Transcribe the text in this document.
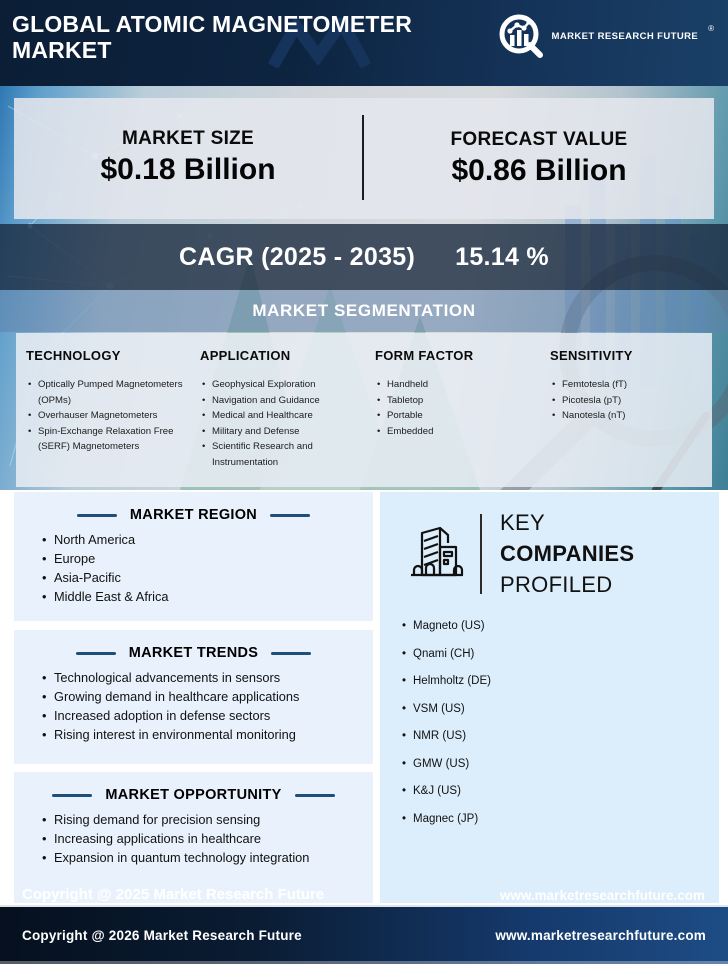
GLOBAL ATOMIC MAGNETOMETER
MARKET
MARKET RESEARCH FUTURE
®
MARKET SIZE
$0.18 Billion
FORECAST VALUE
$0.86 Billion
CAGR (2025 - 2035) 15.14 %
MARKET SEGMENTATION
TECHNOLOGY
• Optically Pumped Magnetometers (OPMs)
• Overhauser Magnetometers
• Spin-Exchange Relaxation Free (SERF) Magnetometers
APPLICATION
• Geophysical Exploration
• Navigation and Guidance
• Medical and Healthcare
• Military and Defense
• Scientific Research and Instrumentation
FORM FACTOR
• Handheld
• Tabletop
• Portable
• Embedded
SENSITIVITY
• Femtotesla (fT)
• Picotesla (pT)
• Nanotesla (nT)
MARKET REGION
• North America
• Europe
• Asia-Pacific
• Middle East & Africa
MARKET TRENDS
• Technological advancements in sensors
• Growing demand in healthcare applications
• Increased adoption in defense sectors
• Rising interest in environmental monitoring
MARKET OPPORTUNITY
• Rising demand for precision sensing
• Increasing applications in healthcare
• Expansion in quantum technology integration
KEY
COMPANIES
PROFILED
• Magneto (US)
• Qnami (CH)
• Helmholtz (DE)
• VSM (US)
• NMR (US)
• GMW (US)
• K&J (US)
• Magnec (JP)
Copyright @ 2025 Market Research Future	www.marketresearchfuture.com
Copyright @ 2026 Market Research Future	www.marketresearchfuture.com
